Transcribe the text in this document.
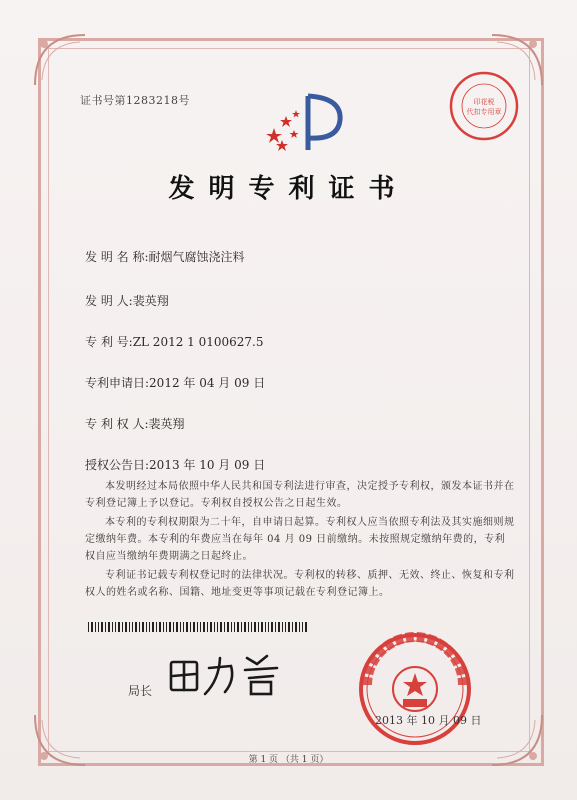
证书号第1283218号	印花税
代扣专用章
发明专利证书
发 明 名 称:耐烟气腐蚀浇注料
发 明 人:裴英翔
专 利 号:ZL 2012 1 0100627.5
专利申请日:2012 年 04 月 09 日
专 利 权 人:裴英翔
授权公告日:2013 年 10 月 09 日

本发明经过本局依照中华人民共和国专利法进行审查，决定授予专利权，颁发本证书并在专利登记簿上予以登记。专利权自授权公告之日起生效。

本专利的专利权期限为二十年，自申请日起算。专利权人应当依照专利法及其实施细则规定缴纳年费。本专利的年费应当在每年 04 月 09 日前缴纳。未按照规定缴纳年费的，专利权自应当缴纳年费期满之日起终止。

专利证书记载专利权登记时的法律状况。专利权的转移、质押、无效、终止、恢复和专利权人的姓名或名称、国籍、地址变更等事项记载在专利登记簿上。

局长
2013 年 10 月 09 日
第 1 页 （共 1 页）
